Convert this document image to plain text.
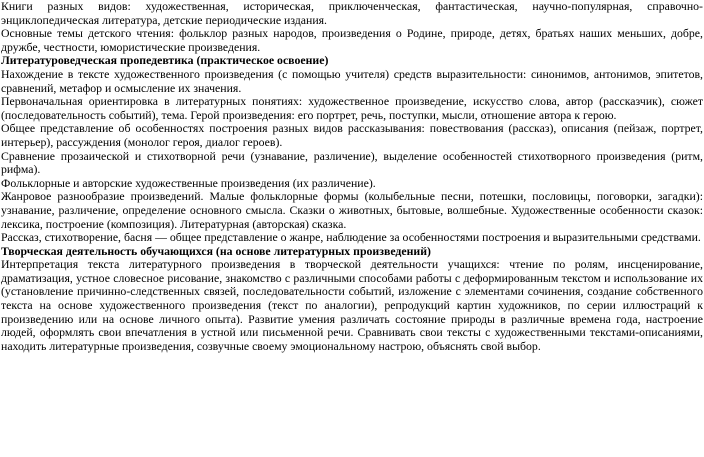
Книги разных видов: художественная, историческая, приключенческая, фантастическая, научно-популярная, справочно-энциклопедическая литература, детские периодические издания.

Основные темы детского чтения: фольклор разных народов, произведения о Родине, природе, детях, братьях наших меньших, добре, дружбе, честности, юмористические произведения.

Литературоведческая пропедевтика (практическое освоение)

Нахождение в тексте художественного произведения (с помощью учителя) средств выразительности: синонимов, антонимов, эпитетов, сравнений, метафор и осмысление их значения.

Первоначальная ориентировка в литературных понятиях: художественное произведение, искусство слова, автор (рассказчик), сюжет (последовательность событий), тема. Герой произведения: его портрет, речь, поступки, мысли, отношение автора к герою.

Общее представление об особенностях построения разных видов рассказывания: повествования (рассказ), описания (пейзаж, портрет, интерьер), рассуждения (монолог героя, диалог героев).

Сравнение прозаической и стихотворной речи (узнавание, различение), выделение особенностей стихотворного произведения (ритм, рифма).

Фольклорные и авторские художественные произведения (их различение).

Жанровое разнообразие произведений. Малые фольклорные формы (колыбельные песни, потешки, пословицы, поговорки, загадки): узнавание, различение, определение основного смысла. Сказки о животных, бытовые, волшебные. Художественные особенности сказок: лексика, построение (композиция). Литературная (авторская) сказка.

Рассказ, стихотворение, басня — общее представление о жанре, наблюдение за особенностями построения и выразительными средствами.

Творческая деятельность обучающихся (на основе литературных произведений)

Интерпретация текста литературного произведения в творческой деятельности учащихся: чтение по ролям, инсценирование, драматизация, устное словесное рисование, знакомство с различными способами работы с деформированным текстом и использование их (установление причинно-следственных связей, последовательности событий, изложение с элементами сочинения, создание собственного текста на основе художественного произведения (текст по аналогии), репродукций картин художников, по серии иллюстраций к произведению или на основе личного опыта). Развитие умения различать состояние природы в различные времена года, настроение людей, оформлять свои впечатления в устной или письменной речи. Сравнивать свои тексты с художественными текстами-описаниями, находить литературные произведения, созвучные своему эмоциональному настрою, объяснять свой выбор.
